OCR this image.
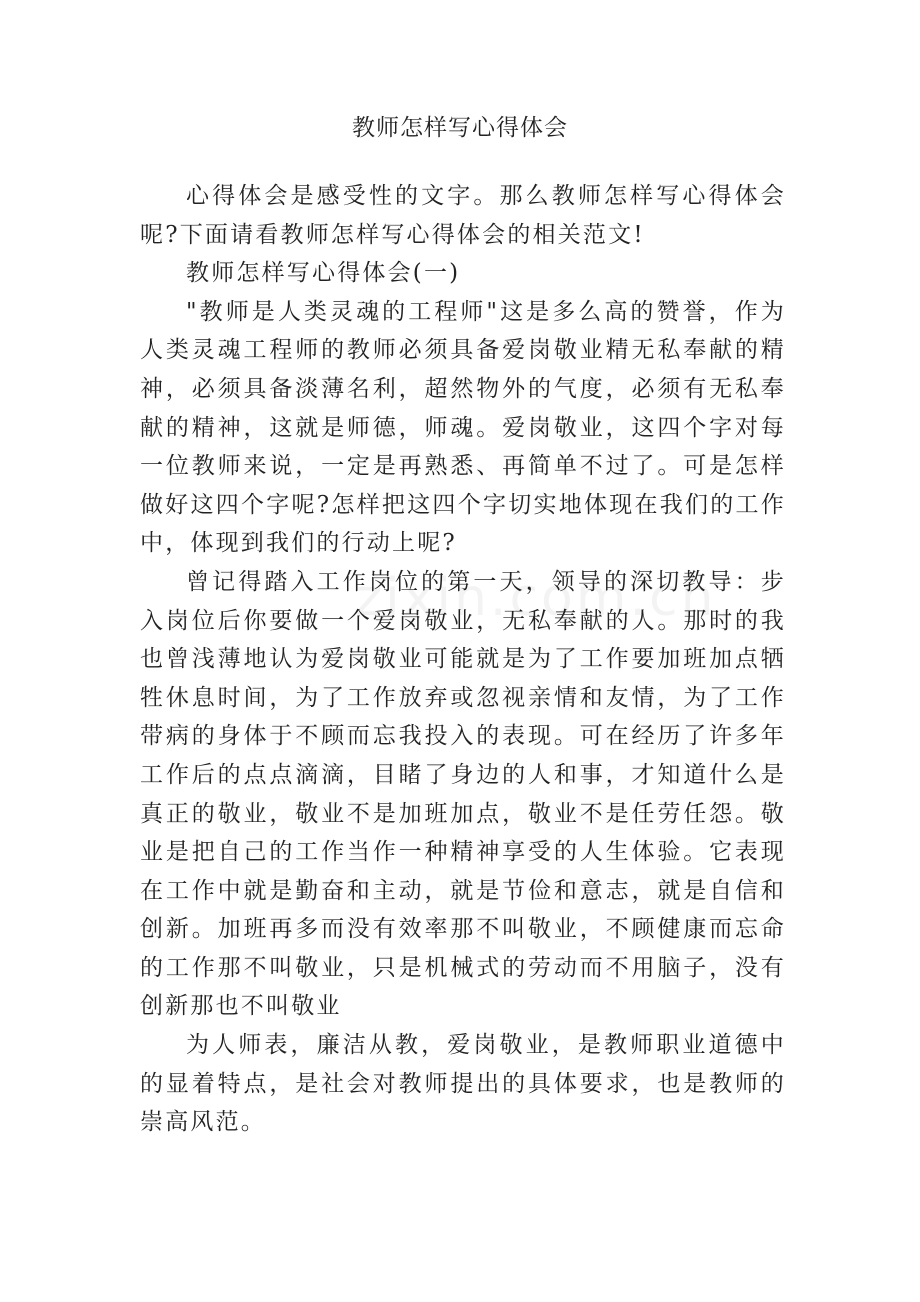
教师怎样写心得体会

心得体会是感受性的文字。那么教师怎样写心得体会呢?下面请看教师怎样写心得体会的相关范文!

教师怎样写心得体会(一)

"教师是人类灵魂的工程师"这是多么高的赞誉，作为人类灵魂工程师的教师必须具备爱岗敬业精无私奉献的精神，必须具备淡薄名利，超然物外的气度，必须有无私奉献的精神，这就是师德，师魂。爱岗敬业，这四个字对每一位教师来说，一定是再熟悉、再简单不过了。可是怎样做好这四个字呢?怎样把这四个字切实地体现在我们的工作中，体现到我们的行动上呢?

曾记得踏入工作岗位的第一天，领导的深切教导：步入岗位后你要做一个爱岗敬业，无私奉献的人。那时的我也曾浅薄地认为爱岗敬业可能就是为了工作要加班加点牺牲休息时间，为了工作放弃或忽视亲情和友情，为了工作带病的身体于不顾而忘我投入的表现。可在经历了许多年工作后的点点滴滴，目睹了身边的人和事，才知道什么是真正的敬业，敬业不是加班加点，敬业不是任劳任怨。敬业是把自己的工作当作一种精神享受的人生体验。它表现在工作中就是勤奋和主动，就是节俭和意志，就是自信和创新。加班再多而没有效率那不叫敬业，不顾健康而忘命的工作那不叫敬业，只是机械式的劳动而不用脑子，没有创新那也不叫敬业

为人师表，廉洁从教，爱岗敬业，是教师职业道德中的显着特点，是社会对教师提出的具体要求，也是教师的崇高风范。
